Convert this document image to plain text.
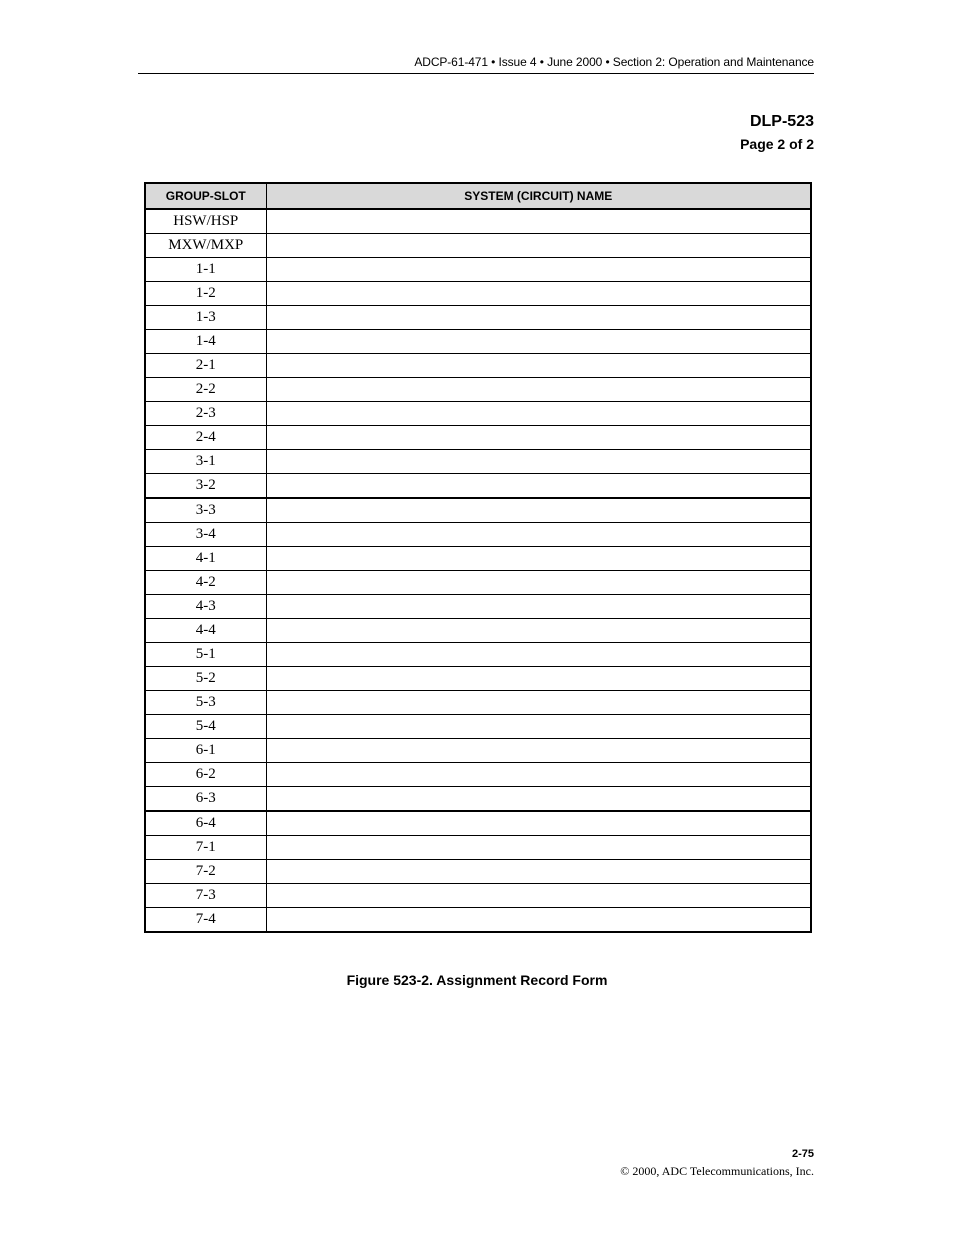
ADCP-61-471 • Issue 4 • June 2000 • Section 2: Operation and Maintenance
DLP-523
Page 2 of 2
GROUP-SLOT	SYSTEM (CIRCUIT) NAME
HSW/HSP	
MXW/MXP	
1-1	
1-2	
1-3	
1-4	
2-1	
2-2	
2-3	
2-4	
3-1	
3-2	
3-3	
3-4	
4-1	
4-2	
4-3	
4-4	
5-1	
5-2	
5-3	
5-4	
6-1	
6-2	
6-3	
6-4	
7-1	
7-2	
7-3	
7-4	
Figure 523-2. Assignment Record Form
2-75
© 2000, ADC Telecommunications, Inc.
